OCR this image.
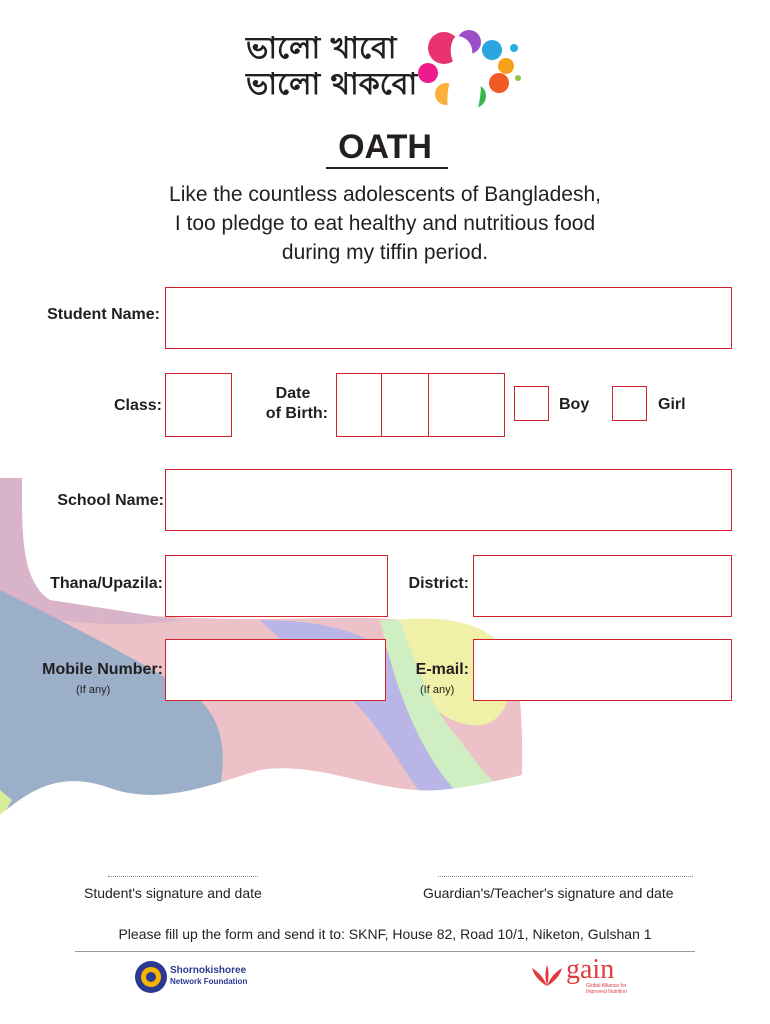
ভালো খাবো
ভালো থাকবো
OATH
Like the countless adolescents of Bangladesh,
I too pledge to eat healthy and nutritious food
during my tiffin period.
Student Name:
Class:
Date
of Birth:
Boy	Girl
School Name:
Thana/Upazila:	District:
Mobile Number:
(If any)
E-mail:
(If any)
Student's signature and date	Guardian's/Teacher's signature and date
Please fill up the form and send it to: SKNF, House 82, Road 10/1, Niketon, Gulshan 1
Shornokishoree
Network Foundation	gain
Global Alliance for
Improved Nutrition
